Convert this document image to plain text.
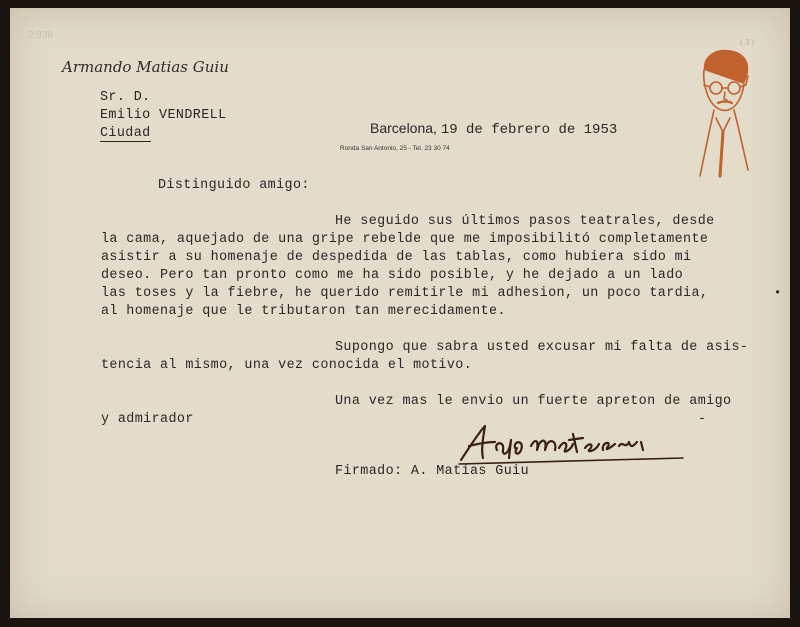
2.336
( 3 )
Armando Matias Guiu
Sr. D.
Emilio VENDRELL
Ciudad	Barcelona, 19 de febrero de 1953
Ronda San Antonio, 25 - Tel. 23 30 74
Distinguido amigo:
He seguido sus últimos pasos teatrales, desde
la cama, aquejado de una gripe rebelde que me imposibilitó completamente
asistir a su homenaje de despedida de las tablas, como hubiera sido mi
deseo. Pero tan pronto como me ha sido posible, y he dejado a un lado
las toses y la fiebre, he querido remitirle mi adhesion, un poco tardia,
al homenaje que le tributaron tan merecidamente.
•
Supongo que sabra usted excusar mi falta de asis-
tencia al mismo, una vez conocida el motivo.
Una vez mas le envio un fuerte apreton de amigo
y admirador	-
Firmado: A. Matías Guiu
